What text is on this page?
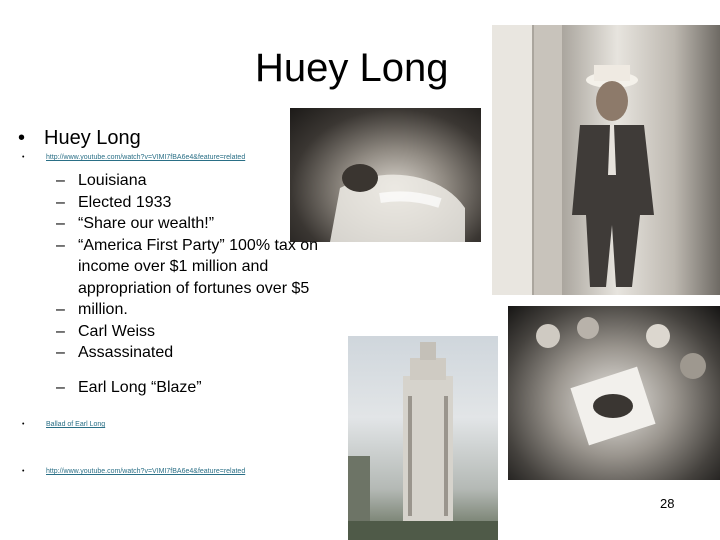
Huey Long
• Huey Long
•	http://www.youtube.com/watch?v=VIMI7fBA6e4&feature=related
– Louisiana
– Elected 1933
– “Share our wealth!”
– “America First Party” 100% tax on
income over $1 million and
appropriation of fortunes over $5
– million.
– Carl Weiss
– Assassinated
– Earl Long “Blaze”
•	Ballad of Earl Long
•	http://www.youtube.com/watch?v=VIMI7fBA6e4&feature=related
28
